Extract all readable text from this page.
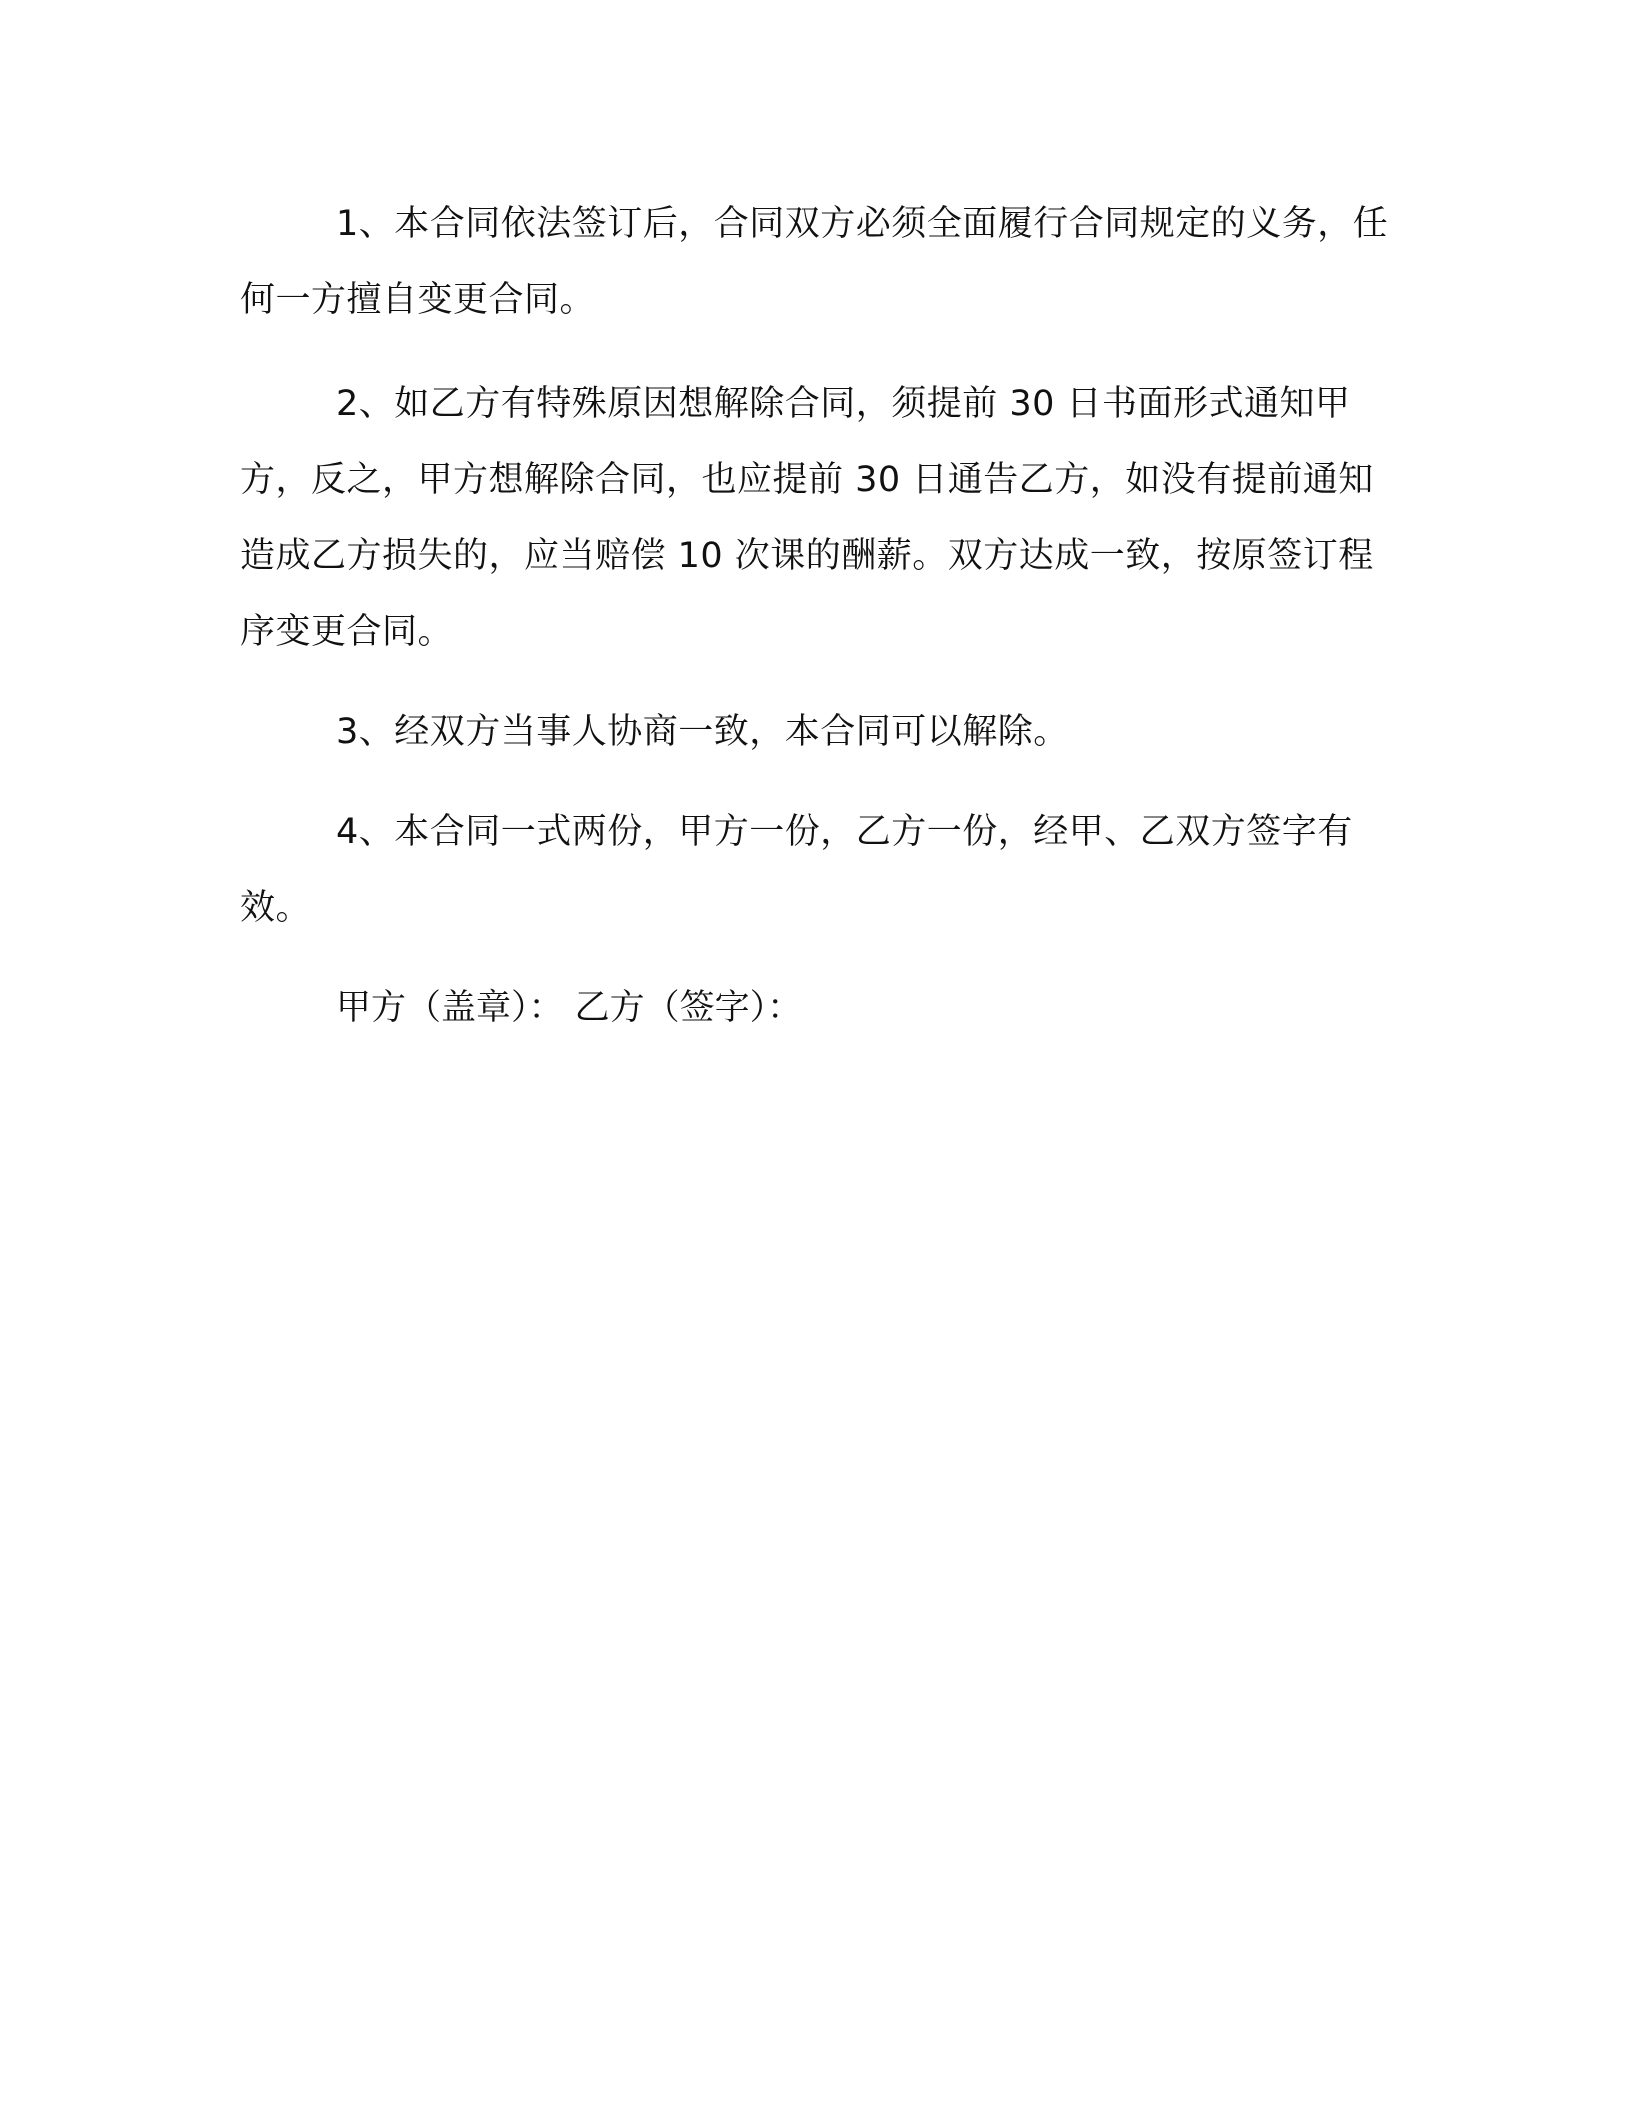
1、本合同依法签订后，合同双方必须全面履行合同规定的义务，任何一方擅自变更合同。

2、如乙方有特殊原因想解除合同，须提前 30 日书面形式通知甲方，反之，甲方想解除合同，也应提前 30 日通告乙方，如没有提前通知造成乙方损失的，应当赔偿 10 次课的酬薪。双方达成一致，按原签订程序变更合同。

3、经双方当事人协商一致，本合同可以解除。

4、本合同一式两份，甲方一份，乙方一份，经甲、乙双方签字有效。

甲方（盖章）： 乙方（签字）：
